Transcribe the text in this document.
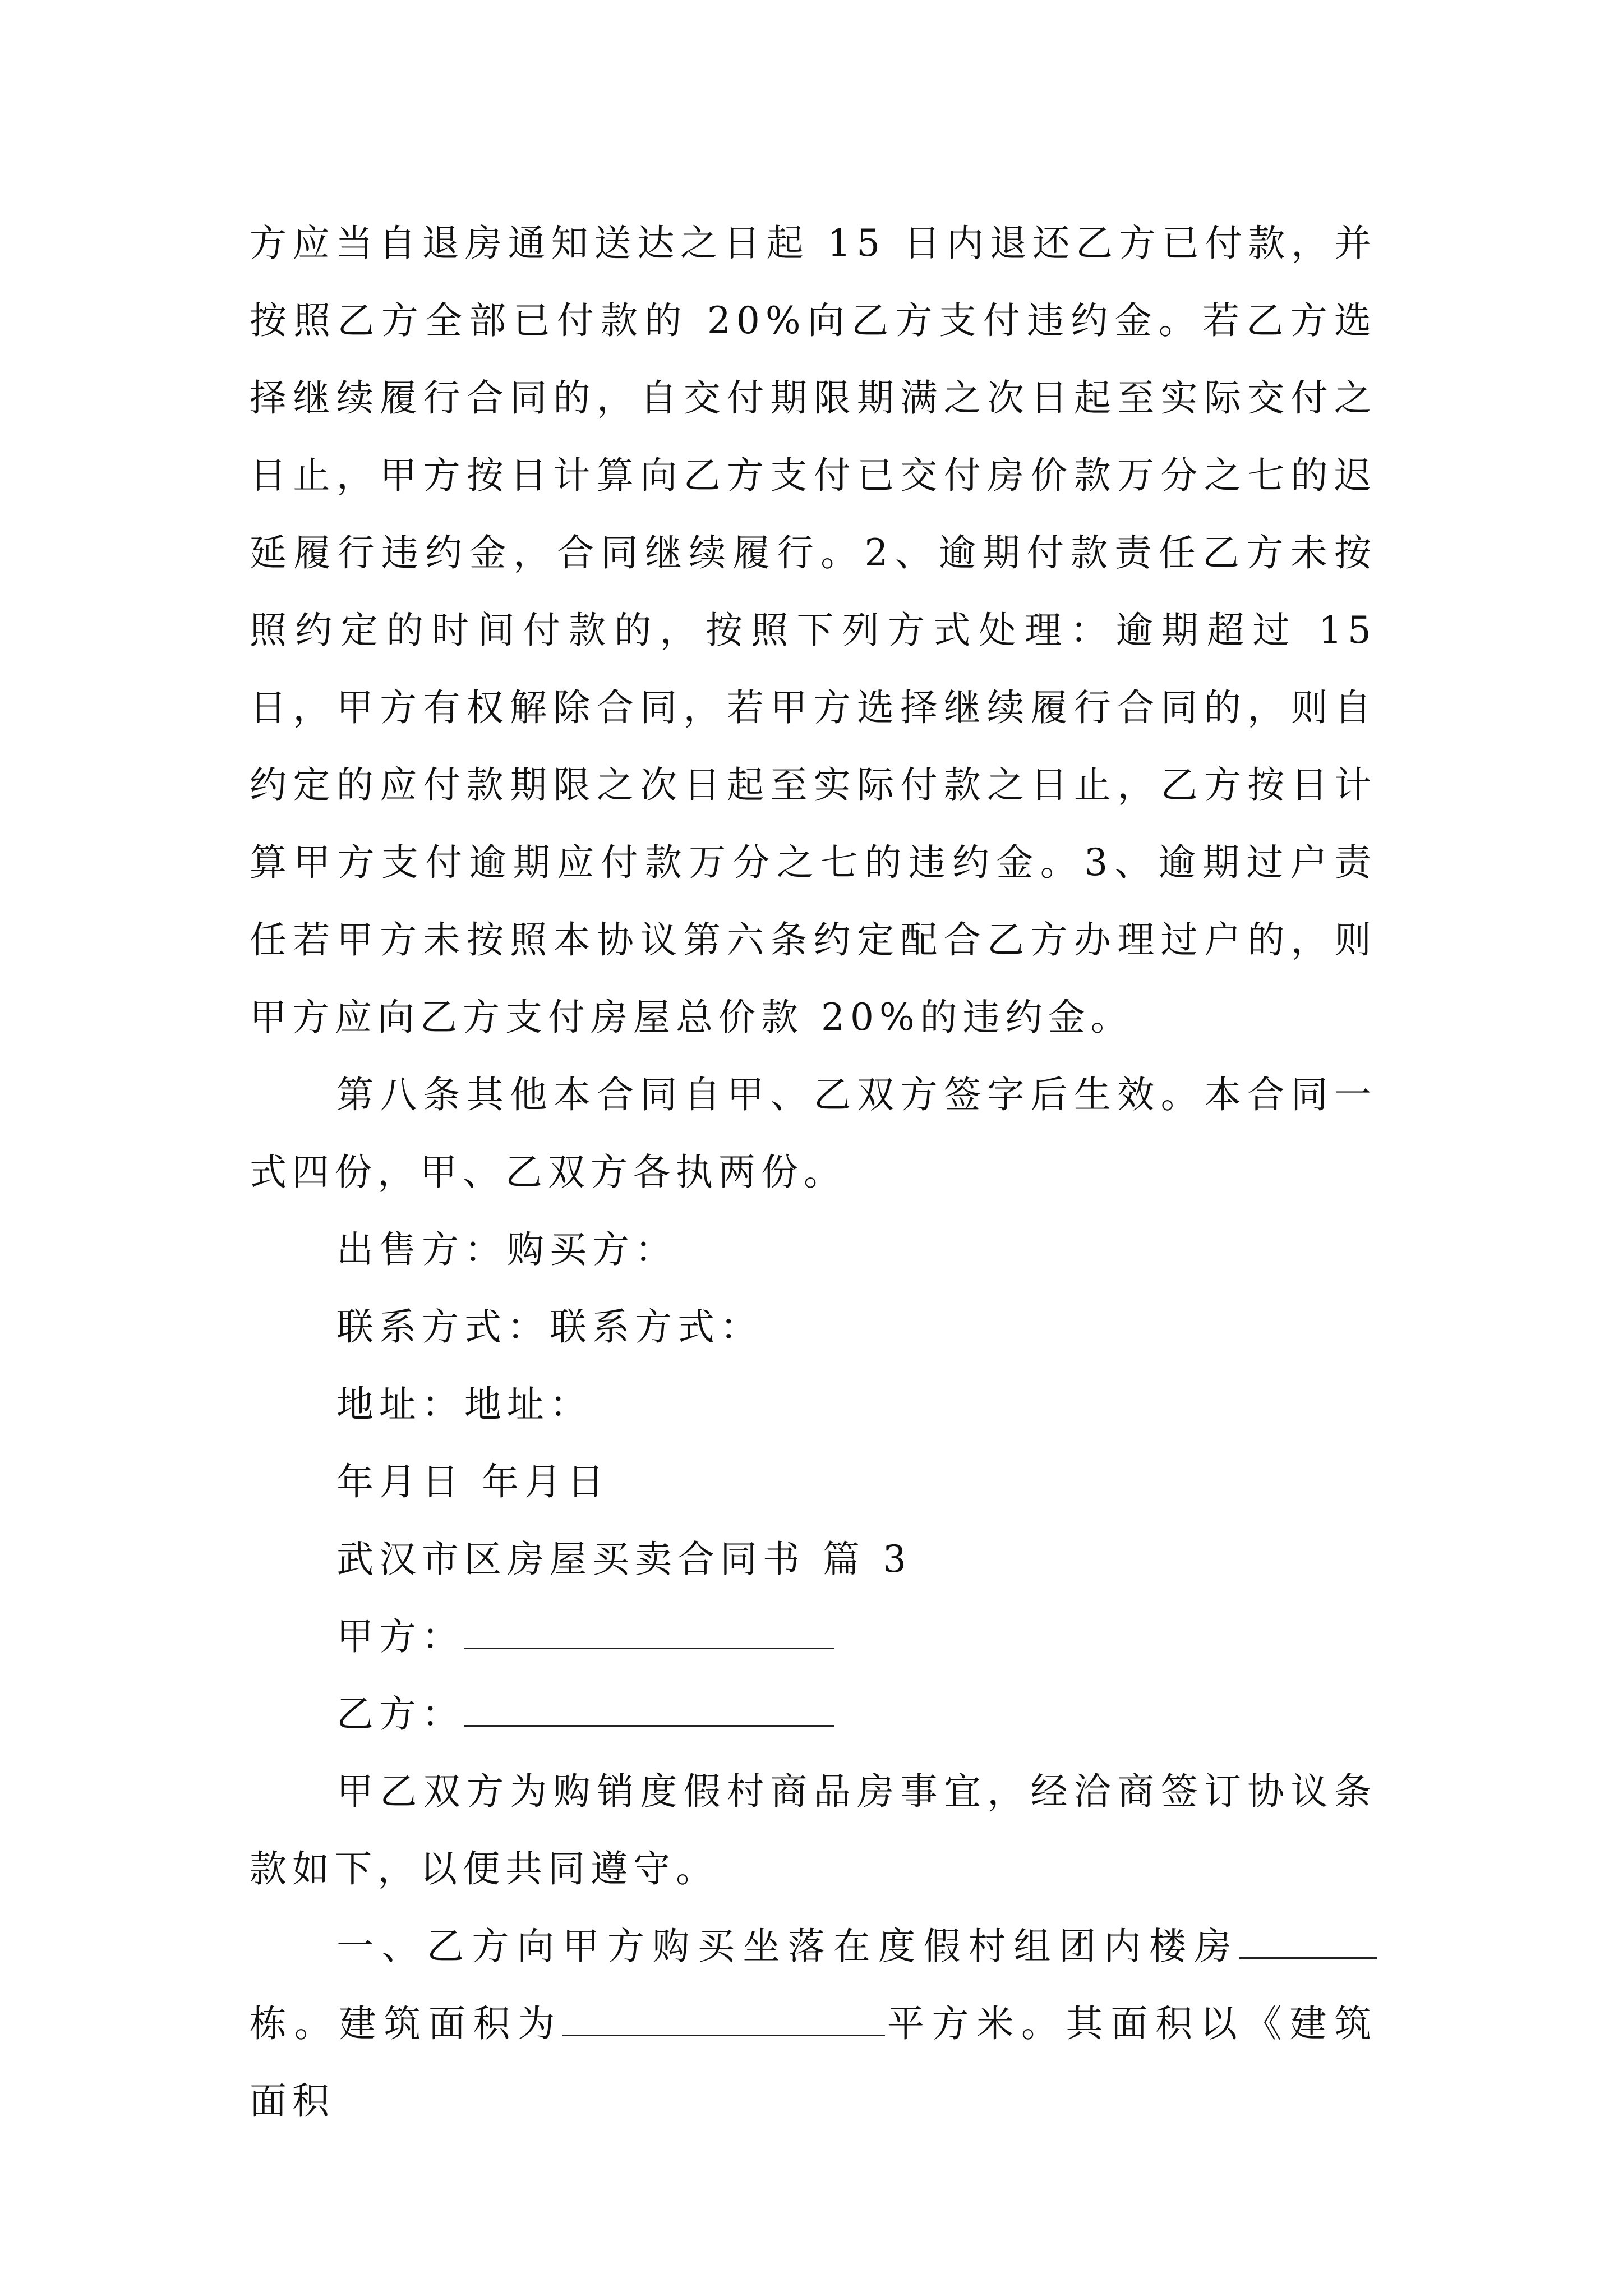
方应当自退房通知送达之日起 15 日内退还乙方已付款，并按照乙方全部已付款的 20%向乙方支付违约金。若乙方选择继续履行合同的，自交付期限期满之次日起至实际交付之日止，甲方按日计算向乙方支付已交付房价款万分之七的迟延履行违约金，合同继续履行。2、逾期付款责任乙方未按照约定的时间付款的，按照下列方式处理：逾期超过 15 日，甲方有权解除合同，若甲方选择继续履行合同的，则自约定的应付款期限之次日起至实际付款之日止，乙方按日计算甲方支付逾期应付款万分之七的违约金。3、逾期过户责任若甲方未按照本协议第六条约定配合乙方办理过户的，则甲方应向乙方支付房屋总价款 20%的违约金。

第八条其他本合同自甲、乙双方签字后生效。本合同一式四份，甲、乙双方各执两份。

出售方：购买方：

联系方式：联系方式：

地址：地址：

年月日 年月日

武汉市区房屋买卖合同书 篇 3

甲方：

乙方：

甲乙双方为购销度假村商品房事宜，经洽商签订协议条款如下，以便共同遵守。

一、乙方向甲方购买坐落在度假村组团内楼房栋。建筑面积为	平方米。其面积以《建筑面积
